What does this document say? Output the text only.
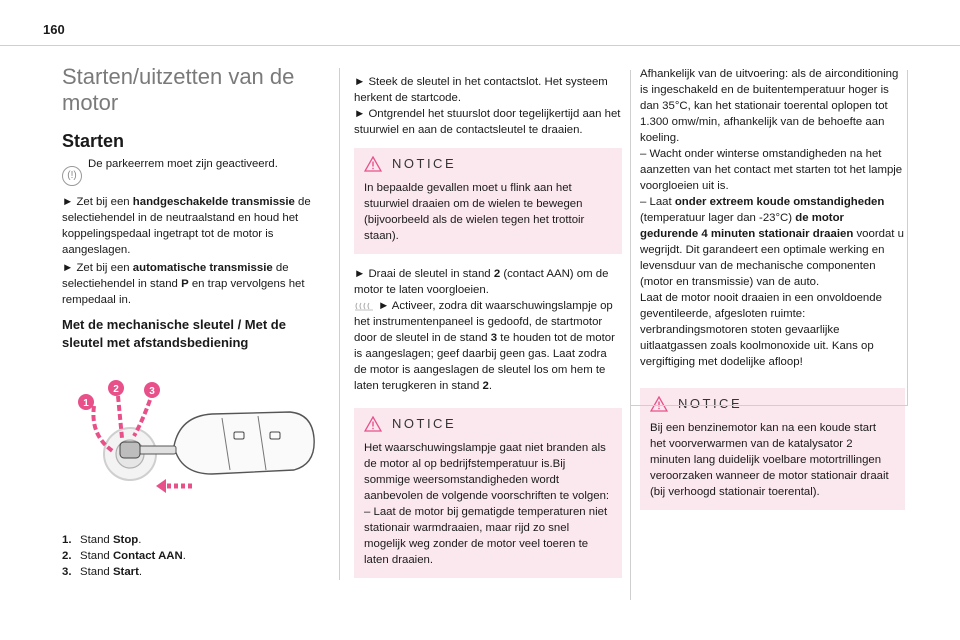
160
Starten/uitzetten van de motor
Starten
(!)
De parkeerrem moet zijn geactiveerd.

► Zet bij een handgeschakelde transmissie de selectiehendel in de neutraalstand en houd het koppelingspedaal ingetrapt tot de motor is aangeslagen.

► Zet bij een automatische transmissie de selectiehendel in stand P en trap vervolgens het rempedaal in.

Met de mechanische sleutel / Met de sleutel met afstandsbediening
1
2	3
1. Stand Stop.
2. Stand Contact AAN.
3. Stand Start.

► Steek de sleutel in het contactslot. Het systeem herkent de startcode.

► Ontgrendel het stuurslot door tegelijkertijd aan het stuurwiel en aan de contactsleutel te draaien.

NOTICE

In bepaalde gevallen moet u flink aan het stuurwiel draaien om de wielen te bewegen (bijvoorbeeld als de wielen tegen het trottoir staan).

► Draai de sleutel in stand 2 (contact AAN) om de motor te laten voorgloeien.

► Activeer, zodra dit waarschuwingslampje op het instrumentenpaneel is gedoofd, de startmotor door de sleutel in de stand 3 te houden tot de motor is aangeslagen; geef daarbij geen gas. Laat zodra de motor is aangeslagen de sleutel los om hem te laten terugkeren in stand 2.

NOTICE

Het waarschuwingslampje gaat niet branden als de motor al op bedrijfstemperatuur is.Bij sommige weersomstandigheden wordt aanbevolen de volgende voorschriften te volgen:

– Laat de motor bij gematigde temperaturen niet stationair warmdraaien, maar rijd zo snel mogelijk weg zonder de motor veel toeren te laten draaien.

Afhankelijk van de uitvoering: als de airconditioning is ingeschakeld en de buitentemperatuur hoger is dan 35°C, kan het stationair toerental oplopen tot 1.300 omw/min, afhankelijk van de behoefte aan koeling.

– Wacht onder winterse omstandigheden na het aanzetten van het contact met starten tot het lampje voorgloeien uit is.

– Laat onder extreem koude omstandigheden (temperatuur lager dan -23°C) de motor gedurende 4 minuten stationair draaien voordat u wegrijdt. Dit garandeert een optimale werking en levensduur van de mechanische componenten (motor en transmissie) van de auto.

Laat de motor nooit draaien in een onvoldoende geventileerde, afgesloten ruimte: verbrandingsmotoren stoten gevaarlijke uitlaatgassen zoals koolmonoxide uit. Kans op vergiftiging met dodelijke afloop!

NOTICE

Bij een benzinemotor kan na een koude start het voorverwarmen van de katalysator 2 minuten lang duidelijk voelbare motortrillingen veroorzaken wanneer de motor stationair draait (bij verhoogd stationair toerental).
